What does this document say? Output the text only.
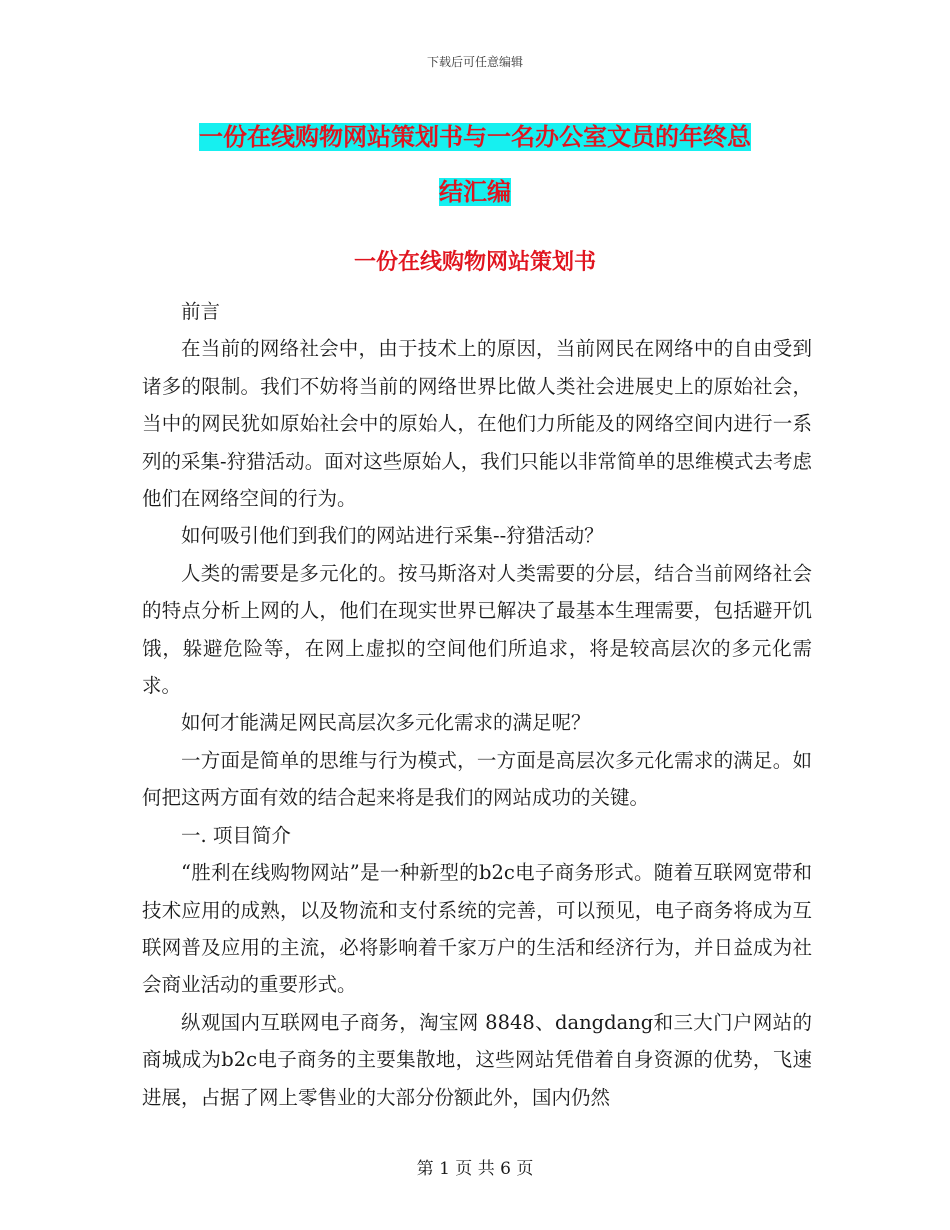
下载后可任意编辑
一份在线购物网站策划书与一名办公室文员的年终总
结汇编
一份在线购物网站策划书

前言

在当前的网络社会中，由于技术上的原因，当前网民在网络中的自由受到诸多的限制。我们不妨将当前的网络世界比做人类社会进展史上的原始社会，当中的网民犹如原始社会中的原始人，在他们力所能及的网络空间内进行一系列的采集-狩猎活动。面对这些原始人，我们只能以非常简单的思维模式去考虑他们在网络空间的行为。

如何吸引他们到我们的网站进行采集--狩猎活动？

人类的需要是多元化的。按马斯洛对人类需要的分层，结合当前网络社会的特点分析上网的人，他们在现实世界已解决了最基本生理需要，包括避开饥饿，躲避危险等，在网上虚拟的空间他们所追求，将是较高层次的多元化需求。

如何才能满足网民高层次多元化需求的满足呢？

一方面是简单的思维与行为模式，一方面是高层次多元化需求的满足。如何把这两方面有效的结合起来将是我们的网站成功的关键。

一. 项目简介

“胜利在线购物网站”是一种新型的b2c电子商务形式。随着互联网宽带和技术应用的成熟，以及物流和支付系统的完善，可以预见，电子商务将成为互联网普及应用的主流，必将影响着千家万户的生活和经济行为，并日益成为社会商业活动的重要形式。

纵观国内互联网电子商务，淘宝网 8848、dangdang和三大门户网站的商城成为b2c电子商务的主要集散地，这些网站凭借着自身资源的优势，飞速进展，占据了网上零售业的大部分份额此外，国内仍然

第 1 页 共 6 页
